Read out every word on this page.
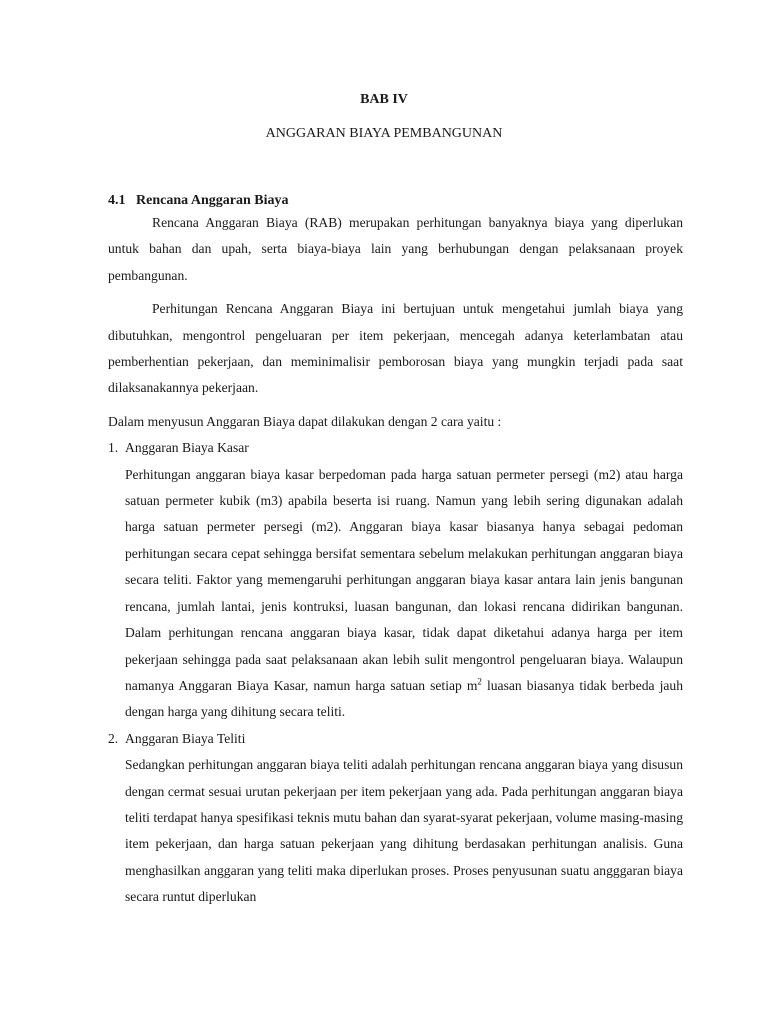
BAB IV

ANGGARAN BIAYA PEMBANGUNAN

4.1 Rencana Anggaran Biaya

Rencana Anggaran Biaya (RAB) merupakan perhitungan banyaknya biaya yang diperlukan untuk bahan dan upah, serta biaya-biaya lain yang berhubungan dengan pelaksanaan proyek pembangunan.

Perhitungan Rencana Anggaran Biaya ini bertujuan untuk mengetahui jumlah biaya yang dibutuhkan, mengontrol pengeluaran per item pekerjaan, mencegah adanya keterlambatan atau pemberhentian pekerjaan, dan meminimalisir pemborosan biaya yang mungkin terjadi pada saat dilaksanakannya pekerjaan.

Dalam menyusun Anggaran Biaya dapat dilakukan dengan 2 cara yaitu :

1. Anggaran Biaya Kasar

Perhitungan anggaran biaya kasar berpedoman pada harga satuan permeter persegi (m2) atau harga satuan permeter kubik (m3) apabila beserta isi ruang. Namun yang lebih sering digunakan adalah harga satuan permeter persegi (m2). Anggaran biaya kasar biasanya hanya sebagai pedoman perhitungan secara cepat sehingga bersifat sementara sebelum melakukan perhitungan anggaran biaya secara teliti. Faktor yang memengaruhi perhitungan anggaran biaya kasar antara lain jenis bangunan rencana, jumlah lantai, jenis kontruksi, luasan bangunan, dan lokasi rencana didirikan bangunan. Dalam perhitungan rencana anggaran biaya kasar, tidak dapat diketahui adanya harga per item pekerjaan sehingga pada saat pelaksanaan akan lebih sulit mengontrol pengeluaran biaya. Walaupun namanya Anggaran Biaya Kasar, namun harga satuan setiap $m^2$ luasan biasanya tidak berbeda jauh dengan harga yang dihitung secara teliti.

2. Anggaran Biaya Teliti

Sedangkan perhitungan anggaran biaya teliti adalah perhitungan rencana anggaran biaya yang disusun dengan cermat sesuai urutan pekerjaan per item pekerjaan yang ada. Pada perhitungan anggaran biaya teliti terdapat hanya spesifikasi teknis mutu bahan dan syarat-syarat pekerjaan, volume masing-masing item pekerjaan, dan harga satuan pekerjaan yang dihitung berdasakan perhitungan analisis. Guna menghasilkan anggaran yang teliti maka diperlukan proses. Proses penyusunan suatu angggaran biaya secara runtut diperlukan
